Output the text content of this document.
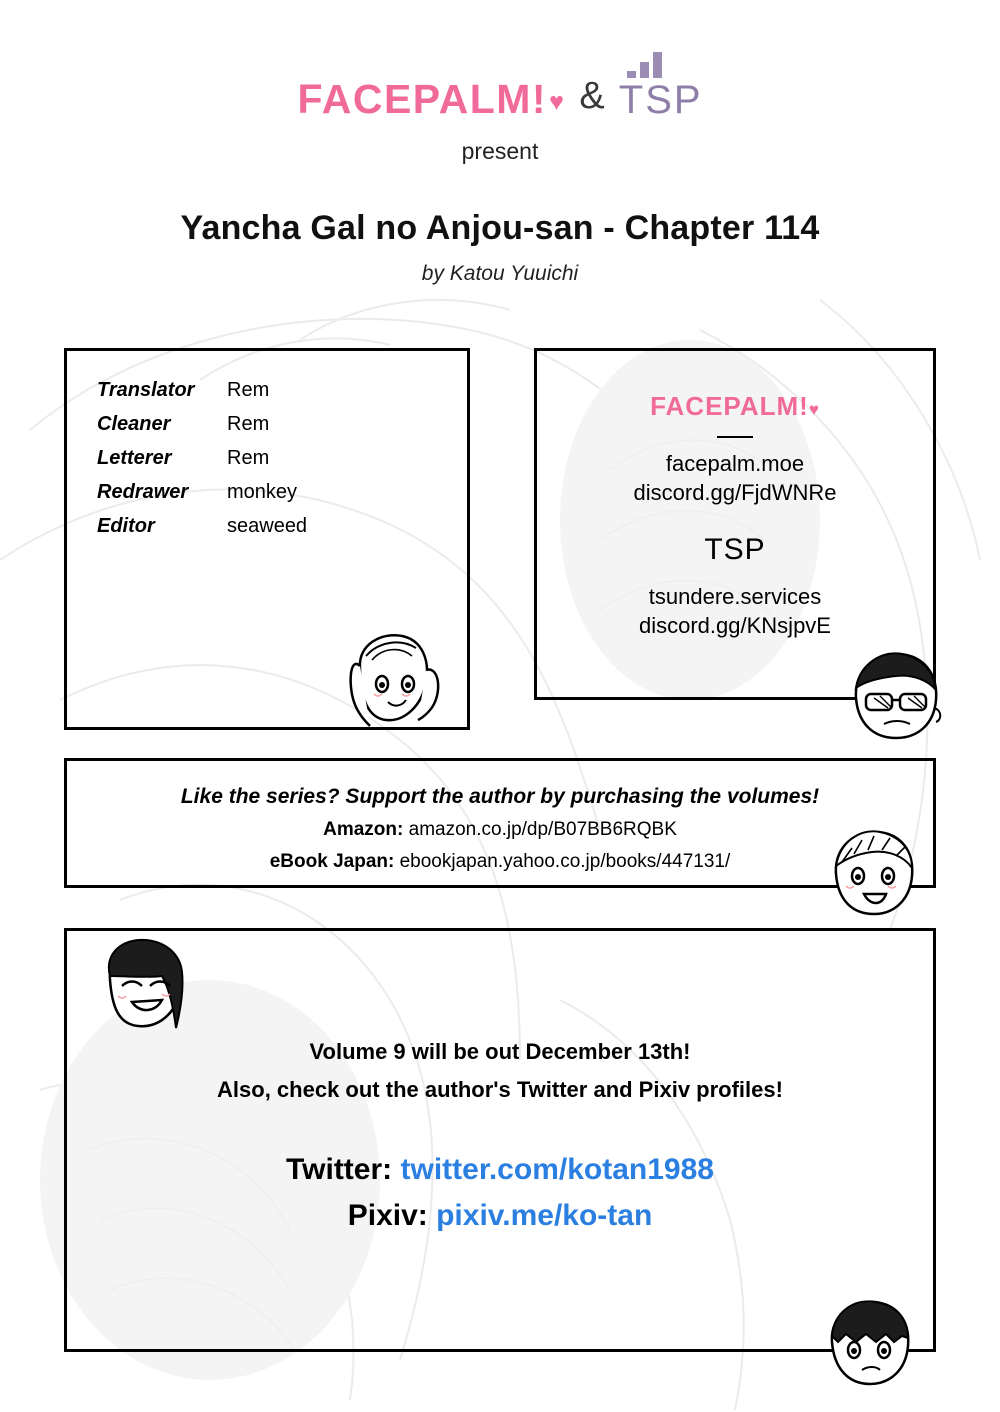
FACEPALM!♥ & TSP
present
Yancha Gal no Anjou-san - Chapter 114
by Katou Yuuichi
Translator	Rem
Cleaner	Rem
Letterer	Rem
Redrawer	monkey
Editor	seaweed
FACEPALM!♥
facepalm.moe
discord.gg/FjdWNRe
TSP
tsundere.services
discord.gg/KNsjpvE
Like the series? Support the author by purchasing the volumes!
Amazon: amazon.co.jp/dp/B07BB6RQBK
eBook Japan: ebookjapan.yahoo.co.jp/books/447131/
Volume 9 will be out December 13th!
Also, check out the author's Twitter and Pixiv profiles!
Twitter: twitter.com/kotan1988
Pixiv: pixiv.me/ko-tan
